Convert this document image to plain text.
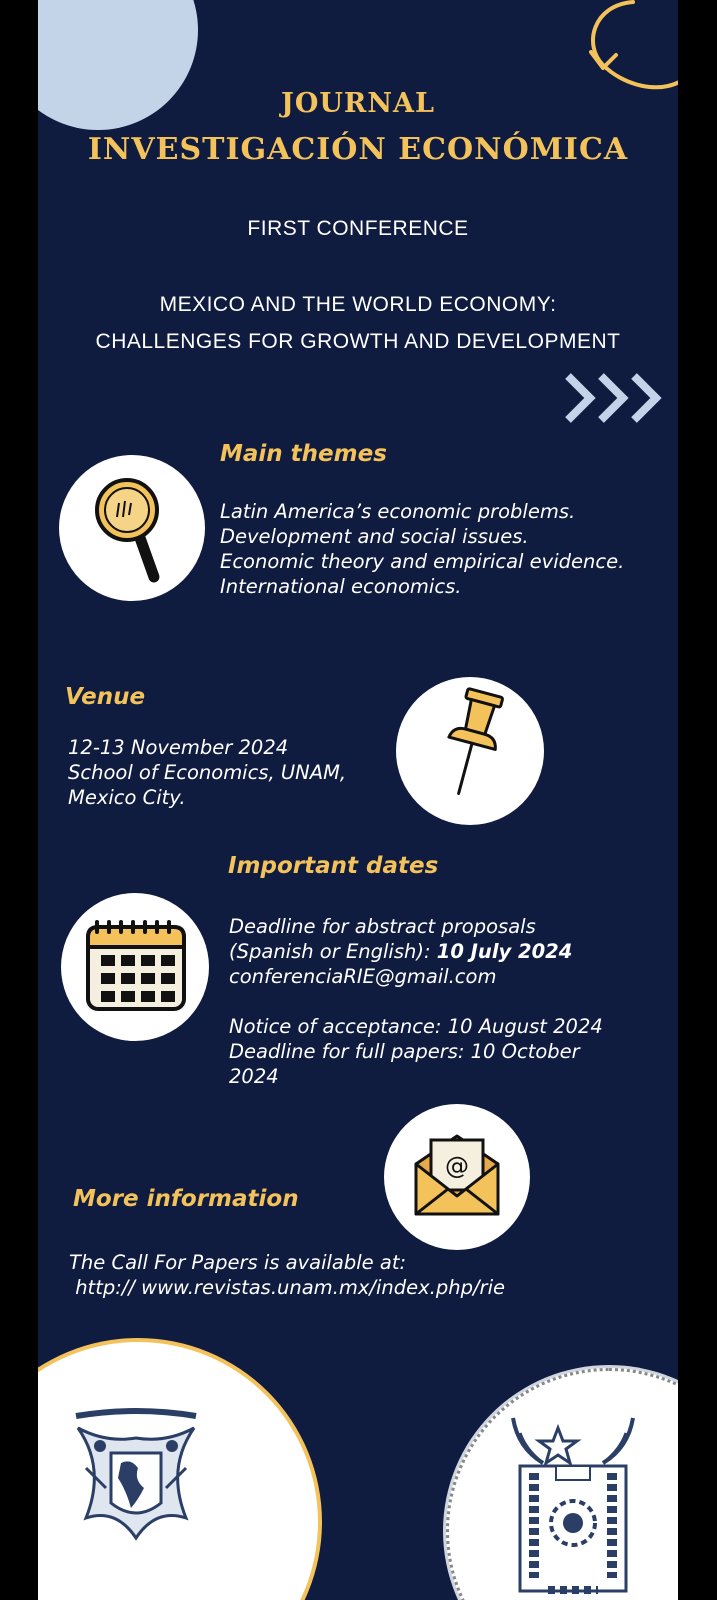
JOURNAL
INVESTIGACIÓN ECONÓMICA
FIRST CONFERENCE
MEXICO AND THE WORLD ECONOMY:
CHALLENGES FOR GROWTH AND DEVELOPMENT
Main themes
Latin America’s economic problems.
Development and social issues.
Economic theory and empirical evidence.
International economics.
Venue
12-13 November 2024
School of Economics, UNAM,
Mexico City.
Important dates
Deadline for abstract proposals
(Spanish or English): 10 July 2024
conferenciaRIE@gmail.com
Notice of acceptance: 10 August 2024
Deadline for full papers: 10 October
2024
@
More information
The Call For Papers is available at:
http:// www.revistas.unam.mx/index.php/rie
